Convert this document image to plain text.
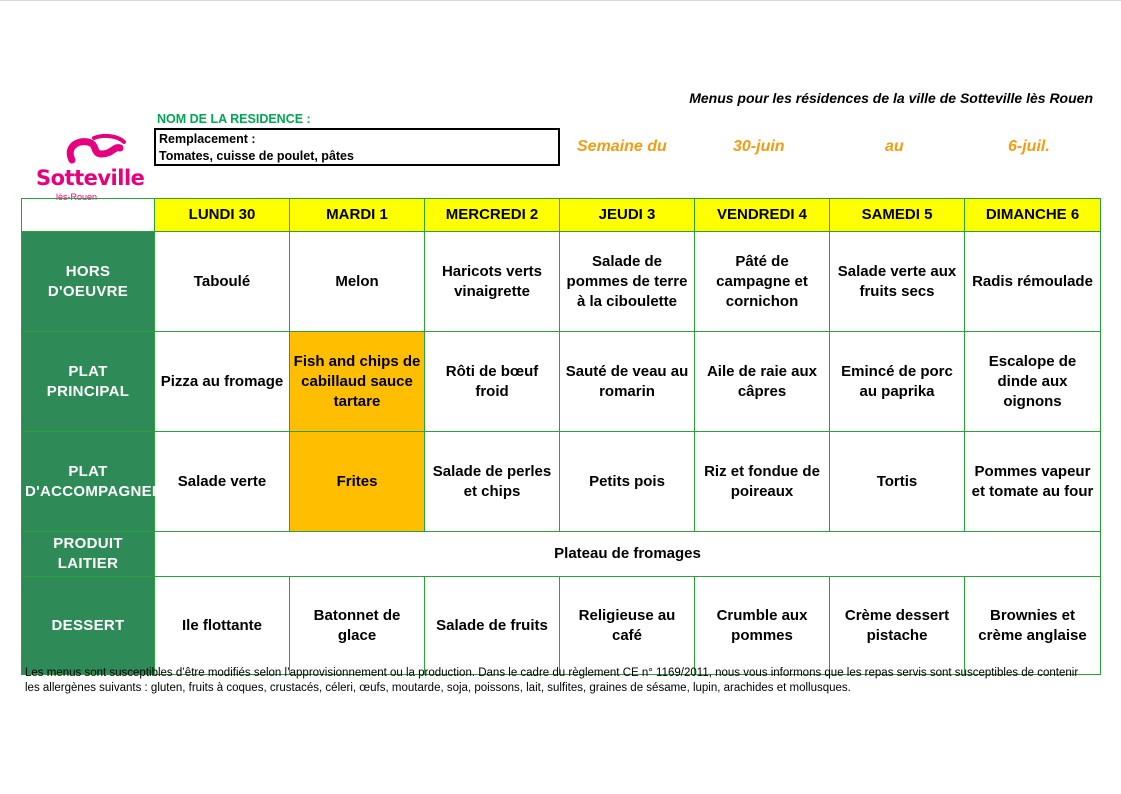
Menus pour les résidences de la ville de Sotteville lès Rouen
Sotteville
lès-Rouen
NOM DE LA RESIDENCE :
Remplacement :
Tomates, cuisse de poulet, pâtes
Semaine du	30-juin	au	6-juil.
	LUNDI 30	MARDI 1	MERCREDI 2	JEUDI 3	VENDREDI 4	SAMEDI 5	DIMANCHE 6
HORS D'OEUVRE	Taboulé	Melon	Haricots verts vinaigrette	Salade de pommes de terre à la ciboulette	Pâté de campagne et cornichon	Salade verte aux fruits secs	Radis rémoulade
PLAT PRINCIPAL	Pizza au fromage	Fish and chips de cabillaud sauce tartare	Rôti de bœuf froid	Sauté de veau au romarin	Aile de raie aux câpres	Emincé de porc au paprika	Escalope de dinde aux oignons
PLAT D'ACCOMPAGNEMENT	Salade verte	Frites	Salade de perles et chips	Petits pois	Riz et fondue de poireaux	Tortis	Pommes vapeur et tomate au four
PRODUIT LAITIER	Plateau de fromages						
DESSERT	Ile flottante	Batonnet de glace	Salade de fruits	Religieuse au café	Crumble aux pommes	Crème dessert pistache	Brownies et crème anglaise
Les menus sont susceptibles d’être modifiés selon l’approvisionnement ou la production. Dans le cadre du règlement CE n° 1169/2011, nous vous informons que les repas servis sont susceptibles de contenir les allergènes suivants : gluten, fruits à coques, crustacés, céleri, œufs, moutarde, soja, poissons, lait, sulfites, graines de sésame, lupin, arachides et mollusques.
